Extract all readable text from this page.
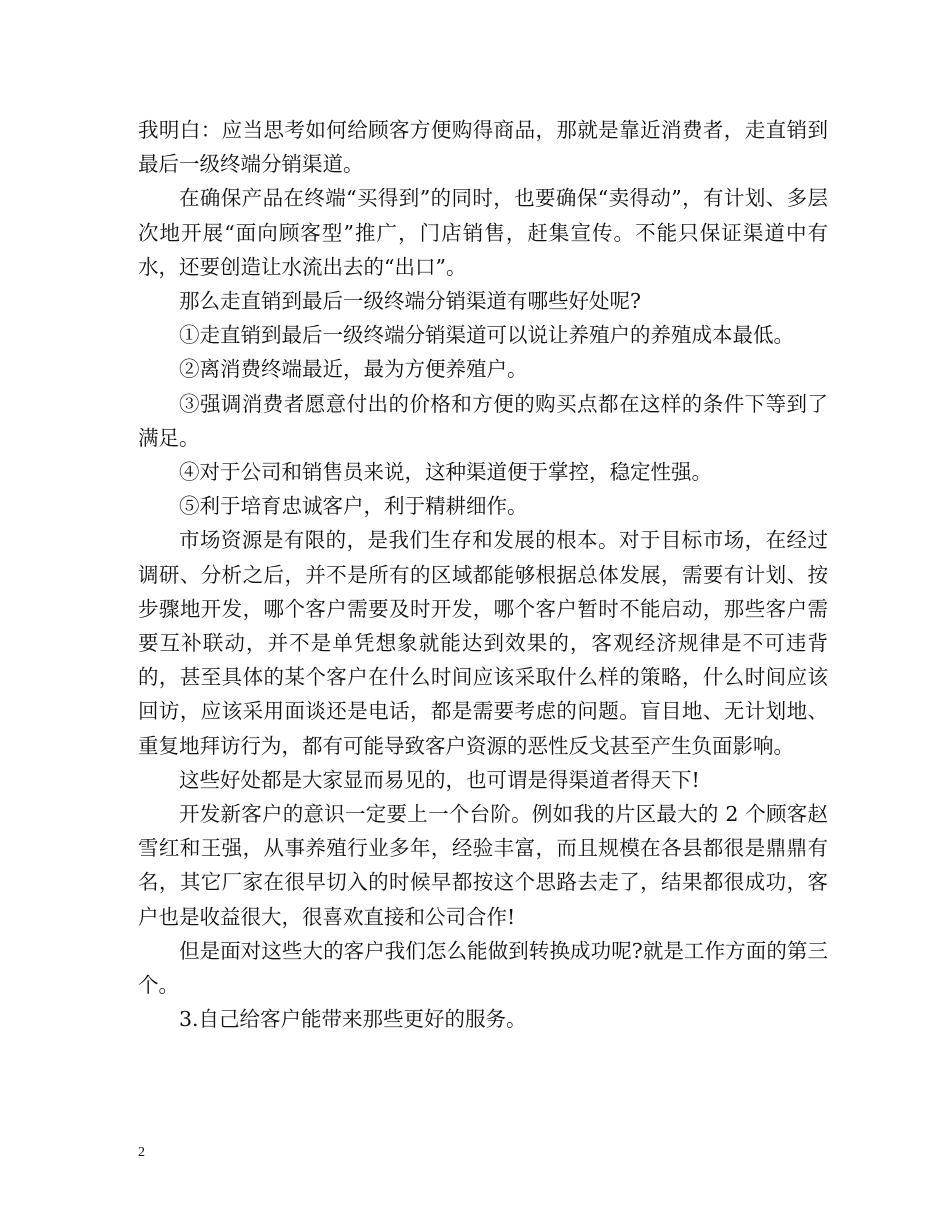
我明白：应当思考如何给顾客方便购得商品，那就是靠近消费者，走直销到最后一级终端分销渠道。

在确保产品在终端“买得到”的同时，也要确保“卖得动”，有计划、多层次地开展“面向顾客型”推广，门店销售，赶集宣传。不能只保证渠道中有水，还要创造让水流出去的“出口”。

那么走直销到最后一级终端分销渠道有哪些好处呢?

①走直销到最后一级终端分销渠道可以说让养殖户的养殖成本最低。

②离消费终端最近，最为方便养殖户。

③强调消费者愿意付出的价格和方便的购买点都在这样的条件下等到了满足。

④对于公司和销售员来说，这种渠道便于掌控，稳定性强。

⑤利于培育忠诚客户，利于精耕细作。

市场资源是有限的，是我们生存和发展的根本。对于目标市场，在经过调研、分析之后，并不是所有的区域都能够根据总体发展，需要有计划、按步骤地开发，哪个客户需要及时开发，哪个客户暂时不能启动，那些客户需要互补联动，并不是单凭想象就能达到效果的，客观经济规律是不可违背的，甚至具体的某个客户在什么时间应该采取什么样的策略，什么时间应该回访，应该采用面谈还是电话，都是需要考虑的问题。盲目地、无计划地、重复地拜访行为，都有可能导致客户资源的恶性反戈甚至产生负面影响。

这些好处都是大家显而易见的，也可谓是得渠道者得天下!

开发新客户的意识一定要上一个台阶。例如我的片区最大的 2 个顾客赵雪红和王强，从事养殖行业多年，经验丰富，而且规模在各县都很是鼎鼎有名，其它厂家在很早切入的时候早都按这个思路去走了，结果都很成功，客户也是收益很大，很喜欢直接和公司合作!

但是面对这些大的客户我们怎么能做到转换成功呢?就是工作方面的第三个。

3.自己给客户能带来那些更好的服务。

2
